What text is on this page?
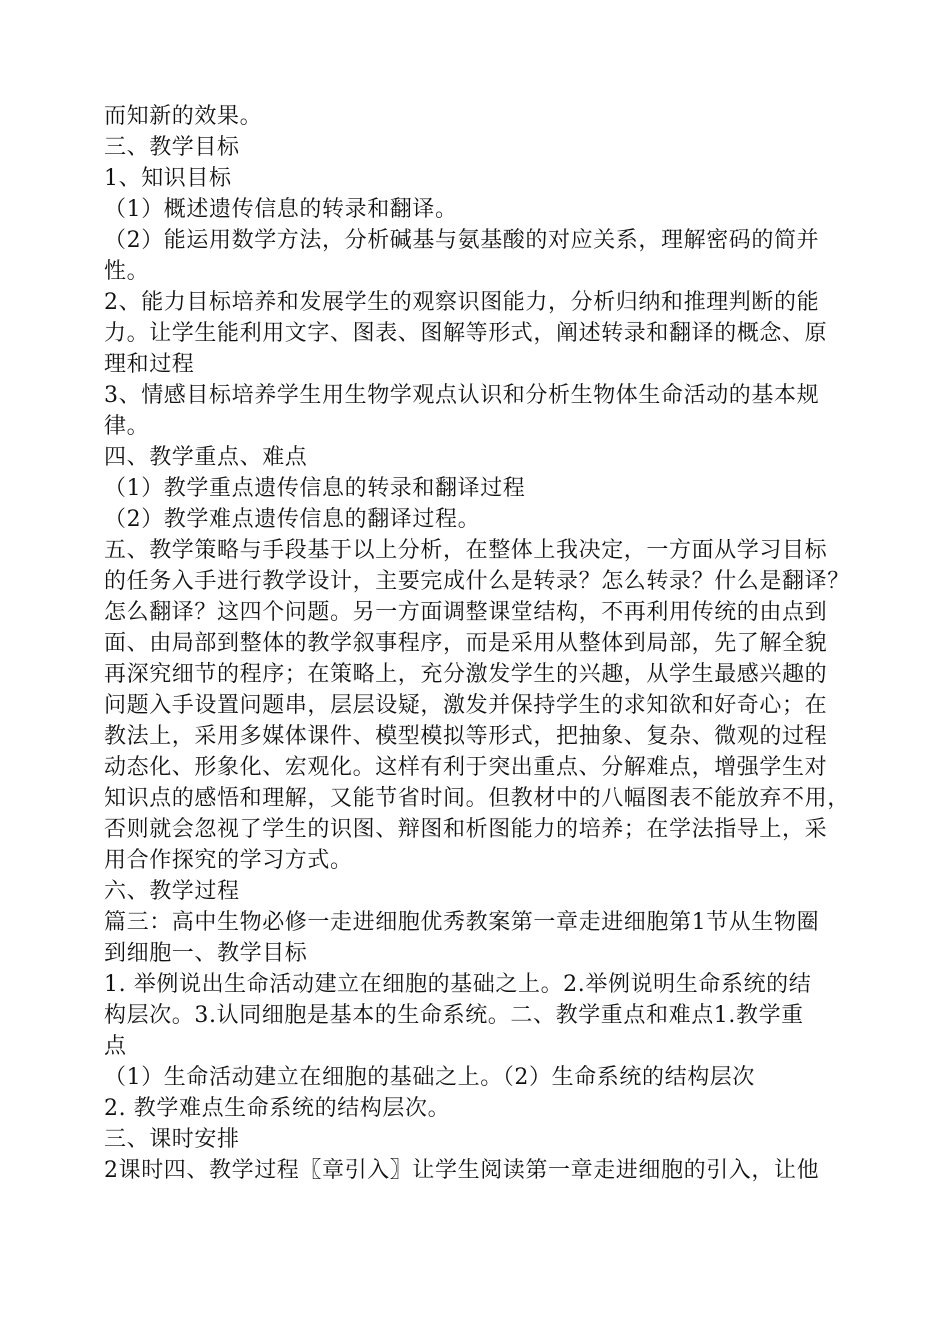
而知新的效果。
三、教学目标
1、知识目标
（1）概述遗传信息的转录和翻译。
（2）能运用数学方法，分析碱基与氨基酸的对应关系，理解密码的简并
性。
2、能力目标培养和发展学生的观察识图能力，分析归纳和推理判断的能
力。让学生能利用文字、图表、图解等形式，阐述转录和翻译的概念、原
理和过程
3、情感目标培养学生用生物学观点认识和分析生物体生命活动的基本规
律。
四、教学重点、难点
（1）教学重点遗传信息的转录和翻译过程
（2）教学难点遗传信息的翻译过程。
五、教学策略与手段基于以上分析，在整体上我决定，一方面从学习目标
的任务入手进行教学设计，主要完成什么是转录？怎么转录？什么是翻译？
怎么翻译？这四个问题。另一方面调整课堂结构，不再利用传统的由点到
面、由局部到整体的教学叙事程序，而是采用从整体到局部，先了解全貌
再深究细节的程序；在策略上，充分激发学生的兴趣，从学生最感兴趣的
问题入手设置问题串，层层设疑，激发并保持学生的求知欲和好奇心；在
教法上，采用多媒体课件、模型模拟等形式，把抽象、复杂、微观的过程
动态化、形象化、宏观化。这样有利于突出重点、分解难点，增强学生对
知识点的感悟和理解，又能节省时间。但教材中的八幅图表不能放弃不用，
否则就会忽视了学生的识图、辩图和析图能力的培养；在学法指导上，采
用合作探究的学习方式。
六、教学过程
篇三：高中生物必修一走进细胞优秀教案第一章走进细胞第1节从生物圈
到细胞一、教学目标
1. 举例说出生命活动建立在细胞的基础之上。2.举例说明生命系统的结
构层次。3.认同细胞是基本的生命系统。二、教学重点和难点1.教学重
点
（1）生命活动建立在细胞的基础之上。（2）生命系统的结构层次
2. 教学难点生命系统的结构层次。
三、课时安排
2课时四、教学过程〖章引入〗让学生阅读第一章走进细胞的引入，让他
